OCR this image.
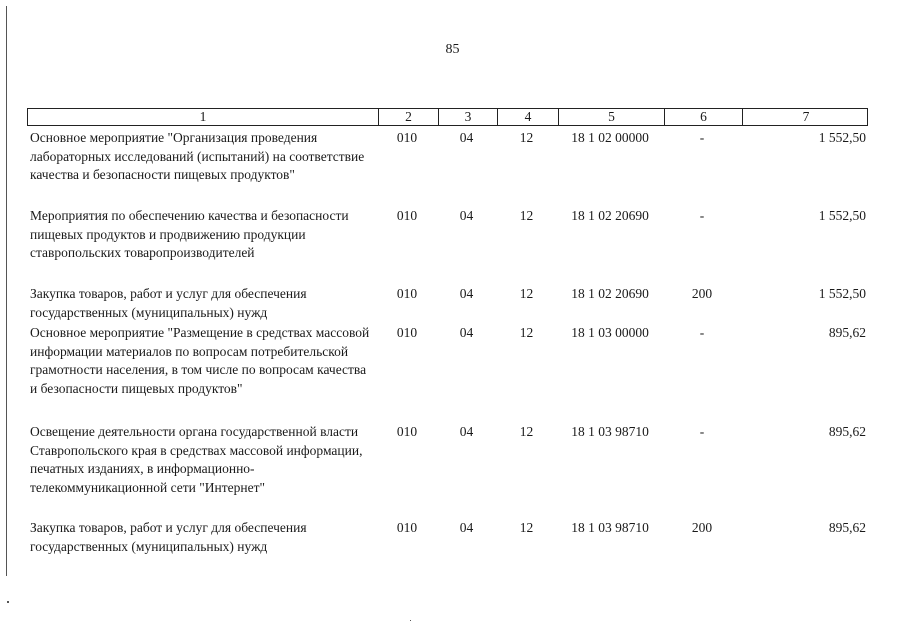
85
1	2	3	4	5	6	7
Основное мероприятие "Организация проведения лабораторных исследований (испытаний) на соответствие качества и безопасности пищевых продуктов"
010	04	12	18 1 02 00000	-	1 552,50
Мероприятия по обеспечению качества и безопасности пищевых продуктов и продвижению продукции ставропольских товаропроизводителей
010	04	12	18 1 02 20690	-	1 552,50
Закупка товаров, работ и услуг для обеспечения государственных (муниципальных) нужд
010	04	12	18 1 02 20690	200	1 552,50
Основное мероприятие "Размещение в средствах массовой информации материалов по вопросам потребительской грамотности населения, в том числе по вопросам качества и безопасности пищевых продуктов"
010	04	12	18 1 03 00000	-	895,62
Освещение деятельности органа государственной власти Ставропольского края в средствах массовой информации, печатных изданиях, в информационно-телекоммуникационной сети "Интернет"
010	04	12	18 1 03 98710	-	895,62
Закупка товаров, работ и услуг для обеспечения государственных (муниципальных) нужд
010	04	12	18 1 03 98710	200	895,62
